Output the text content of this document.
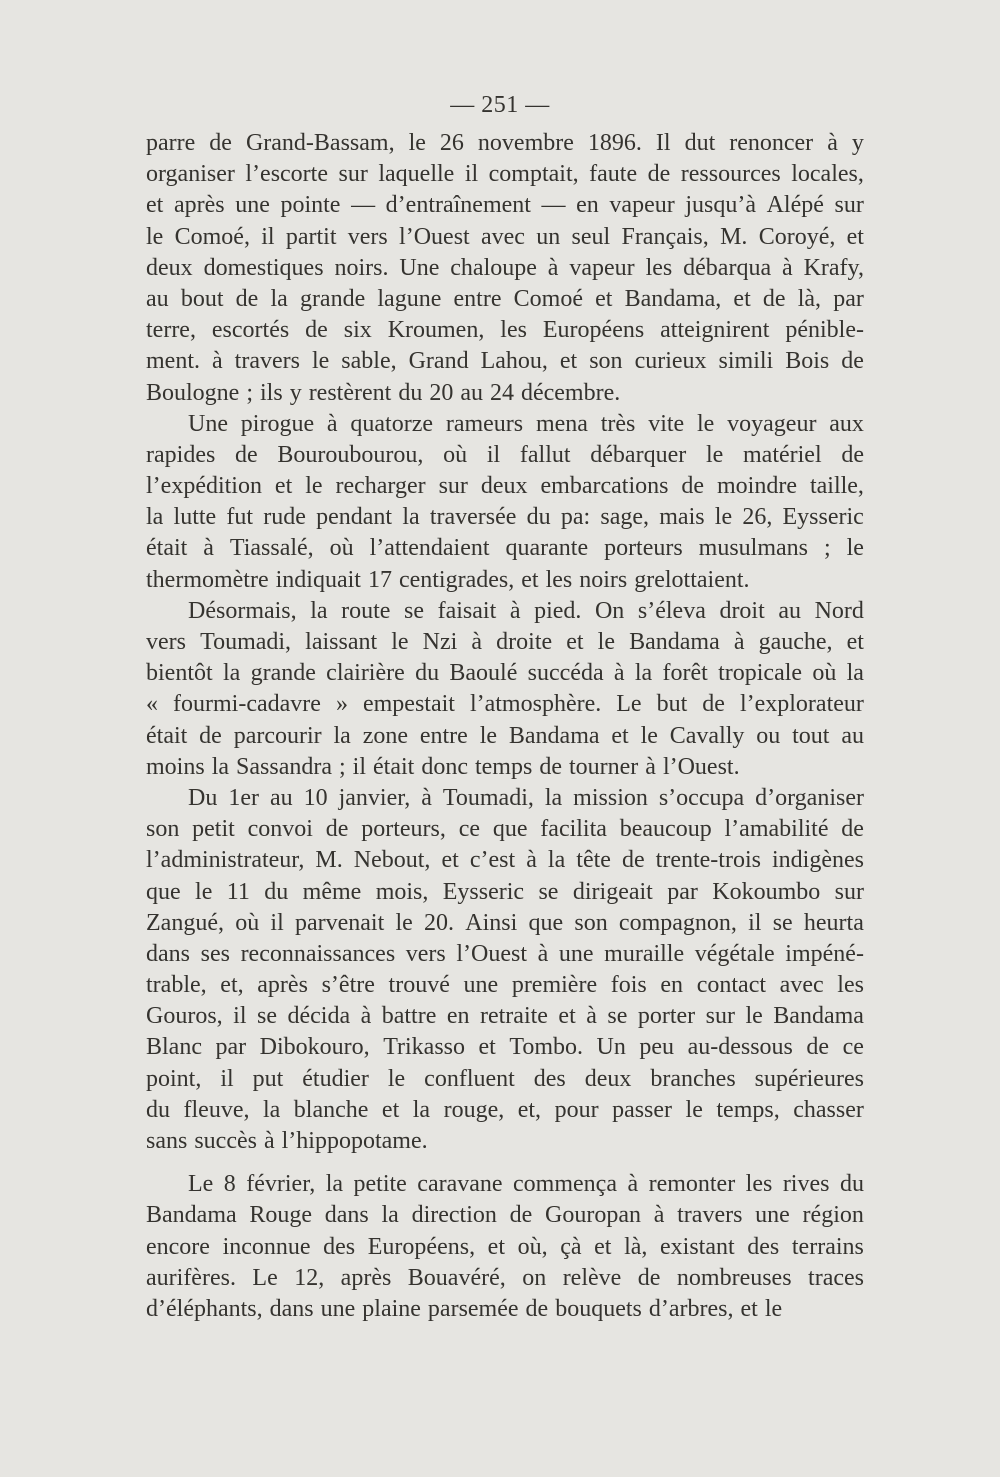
— 251 —
parre de Grand-Bassam, le 26 novembre 1896. Il dut renoncer à y
organiser l’escorte sur laquelle il comptait, faute de ressources locales,
et après une pointe — d’entraînement — en vapeur jusqu’à Alépé sur
le Comoé, il partit vers l’Ouest avec un seul Français, M. Coroyé, et
deux domestiques noirs. Une chaloupe à vapeur les débarqua à Krafy,
au bout de la grande lagune entre Comoé et Bandama, et de là, par
terre, escortés de six Kroumen, les Européens atteignirent pénible-
ment. à travers le sable, Grand Lahou, et son curieux simili Bois de
Boulogne ; ils y restèrent du 20 au 24 décembre.
Une pirogue à quatorze rameurs mena très vite le voyageur aux
rapides de Bouroubourou, où il fallut débarquer le matériel de
l’expédition et le recharger sur deux embarcations de moindre taille,
la lutte fut rude pendant la traversée du pa: sage, mais le 26, Eysseric
était à Tiassalé, où l’attendaient quarante porteurs musulmans ; le
thermomètre indiquait 17 centigrades, et les noirs grelottaient.
Désormais, la route se faisait à pied. On s’éleva droit au Nord
vers Toumadi, laissant le Nzi à droite et le Bandama à gauche, et
bientôt la grande clairière du Baoulé succéda à la forêt tropicale où la
« fourmi-cadavre » empestait l’atmosphère. Le but de l’explorateur
était de parcourir la zone entre le Bandama et le Cavally ou tout au
moins la Sassandra ; il était donc temps de tourner à l’Ouest.
Du 1er au 10 janvier, à Toumadi, la mission s’occupa d’organiser
son petit convoi de porteurs, ce que facilita beaucoup l’amabilité de
l’administrateur, M. Nebout, et c’est à la tête de trente-trois indigènes
que le 11 du même mois, Eysseric se dirigeait par Kokoumbo sur
Zangué, où il parvenait le 20. Ainsi que son compagnon, il se heurta
dans ses reconnaissances vers l’Ouest à une muraille végétale impéné-
trable, et, après s’être trouvé une première fois en contact avec les
Gouros, il se décida à battre en retraite et à se porter sur le Bandama
Blanc par Dibokouro, Trikasso et Tombo. Un peu au-dessous de ce
point, il put étudier le confluent des deux branches supérieures
du fleuve, la blanche et la rouge, et, pour passer le temps, chasser
sans succès à l’hippopotame.
Le 8 février, la petite caravane commença à remonter les rives du
Bandama Rouge dans la direction de Gouropan à travers une région
encore inconnue des Européens, et où, çà et là, existant des terrains
aurifères. Le 12, après Bouavéré, on relève de nombreuses traces
d’éléphants, dans une plaine parsemée de bouquets d’arbres, et le
